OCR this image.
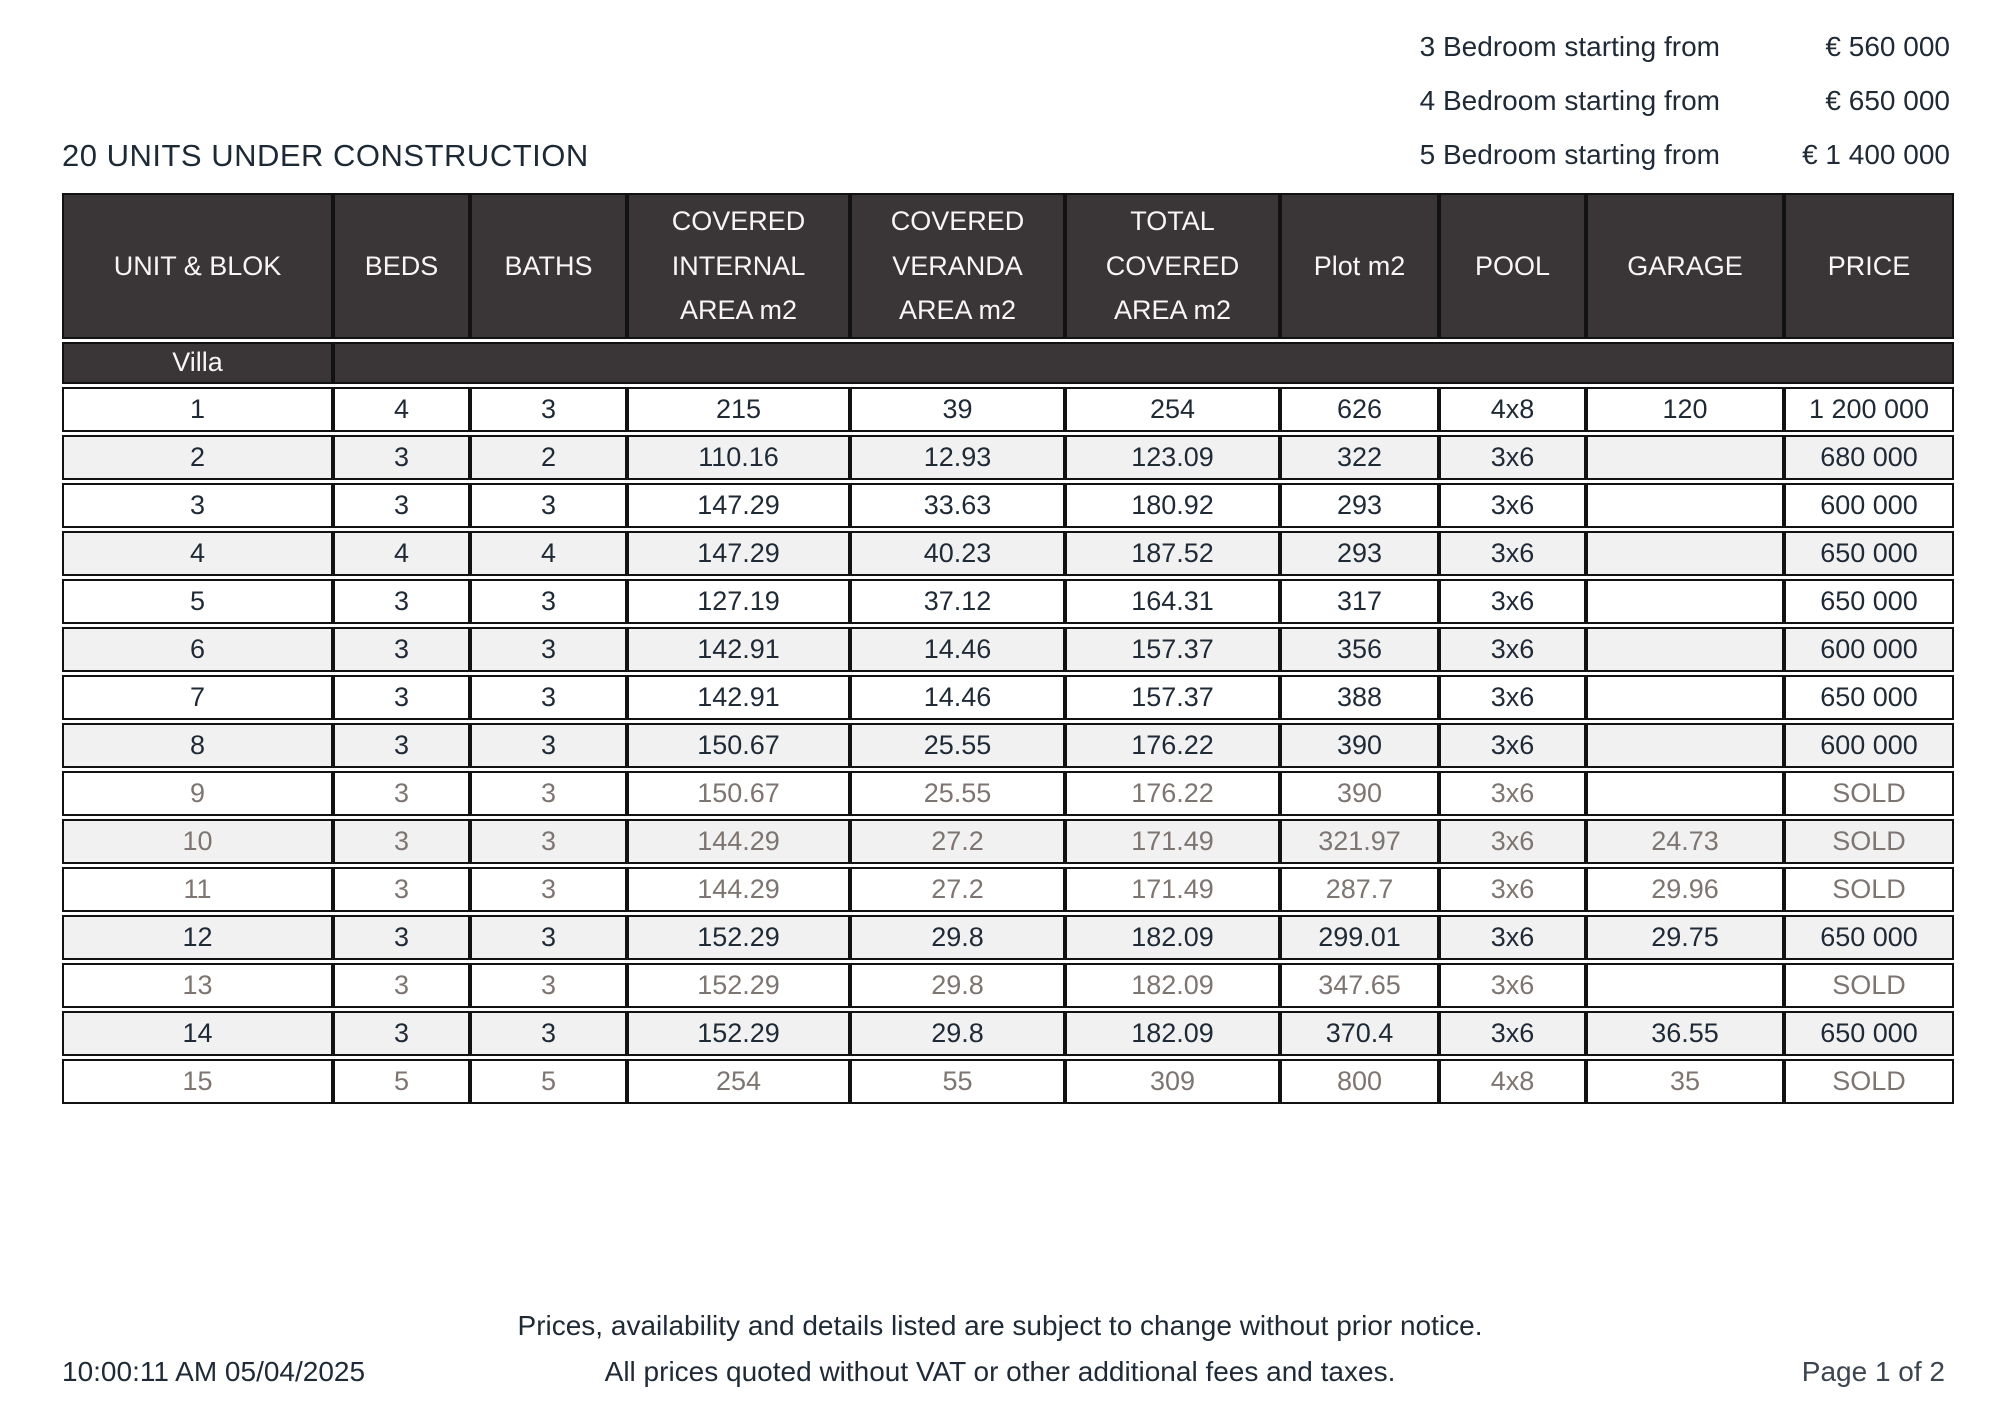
3 Bedroom starting from	€ 560 000
4 Bedroom starting from	€ 650 000
5 Bedroom starting from	€ 1 400 000
20 UNITS UNDER CONSTRUCTION
UNIT & BLOK	BEDS	BATHS	COVERED INTERNAL AREA m2	COVERED VERANDA AREA m2	TOTAL COVERED AREA m2	Plot m2	POOL	GARAGE	PRICE
Villa									
1	4	3	215	39	254	626	4x8	120	1 200 000
2	3	2	110.16	12.93	123.09	322	3x6		680 000
3	3	3	147.29	33.63	180.92	293	3x6		600 000
4	4	4	147.29	40.23	187.52	293	3x6		650 000
5	3	3	127.19	37.12	164.31	317	3x6		650 000
6	3	3	142.91	14.46	157.37	356	3x6		600 000
7	3	3	142.91	14.46	157.37	388	3x6		650 000
8	3	3	150.67	25.55	176.22	390	3x6		600 000
9	3	3	150.67	25.55	176.22	390	3x6		SOLD
10	3	3	144.29	27.2	171.49	321.97	3x6	24.73	SOLD
11	3	3	144.29	27.2	171.49	287.7	3x6	29.96	SOLD
12	3	3	152.29	29.8	182.09	299.01	3x6	29.75	650 000
13	3	3	152.29	29.8	182.09	347.65	3x6		SOLD
14	3	3	152.29	29.8	182.09	370.4	3x6	36.55	650 000
15	5	5	254	55	309	800	4x8	35	SOLD
10:00:11 AM 05/04/2025
Prices, availability and details listed are subject to change without prior notice.
All prices quoted without VAT or other additional fees and taxes.	Page 1 of 2
